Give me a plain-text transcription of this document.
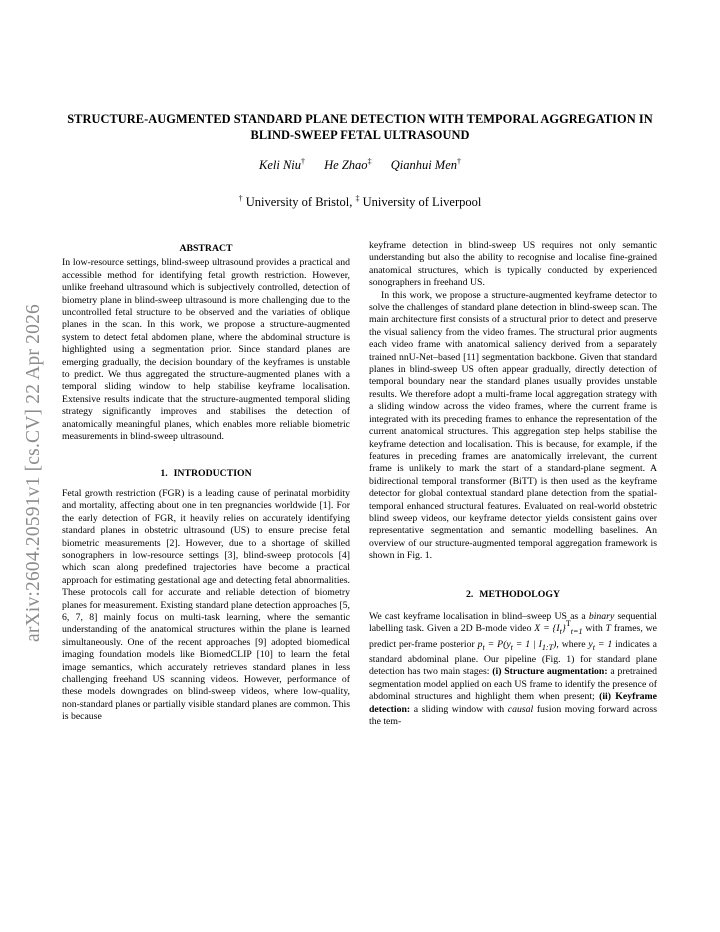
arXiv:2604.20591v1 [cs.CV] 22 Apr 2026
STRUCTURE-AUGMENTED STANDARD PLANE DETECTION WITH TEMPORAL AGGREGATION IN BLIND-SWEEP FETAL ULTRASOUND
Keli Niu† He Zhao‡ Qianhui Men†
† University of Bristol, ‡ University of Liverpool
ABSTRACT

In low-resource settings, blind-sweep ultrasound provides a practical and accessible method for identifying fetal growth restriction. However, unlike freehand ultrasound which is subjectively controlled, detection of biometry plane in blind-sweep ultrasound is more challenging due to the uncontrolled fetal structure to be observed and the variaties of oblique planes in the scan. In this work, we propose a structure-augmented system to detect fetal abdomen plane, where the abdominal structure is highlighted using a segmentation prior. Since standard planes are emerging gradually, the decision boundary of the keyframes is unstable to predict. We thus aggregated the structure-augmented planes with a temporal sliding window to help stabilise keyframe localisation. Extensive results indicate that the structure-augmented temporal sliding strategy significantly improves and stabilises the detection of anatomically meaningful planes, which enables more reliable biometric measurements in blind-sweep ultrasound.

1. INTRODUCTION

Fetal growth restriction (FGR) is a leading cause of perinatal morbidity and mortality, affecting about one in ten pregnancies worldwide [1]. For the early detection of FGR, it heavily relies on accurately identifying standard planes in obstetric ultrasound (US) to ensure precise fetal biometric measurements [2]. However, due to a shortage of skilled sonographers in low-resource settings [3], blind-sweep protocols [4] which scan along predefined trajectories have become a practical approach for estimating gestational age and detecting fetal abnormalities. These protocols call for accurate and reliable detection of biometry planes for measurement. Existing standard plane detection approaches [5, 6, 7, 8] mainly focus on multi-task learning, where the semantic understanding of the anatomical structures within the plane is learned simultaneously. One of the recent approaches [9] adopted biomedical imaging foundation models like BiomedCLIP [10] to learn the fetal image semantics, which accurately retrieves standard planes in less challenging freehand US scanning videos. However, performance of these models downgrades on blind-sweep videos, where low-quality, non-standard planes or partially visible standard planes are common. This is because

keyframe detection in blind-sweep US requires not only semantic understanding but also the ability to recognise and localise fine-grained anatomical structures, which is typically conducted by experienced sonographers in freehand US.

In this work, we propose a structure-augmented keyframe detector to solve the challenges of standard plane detection in blind-sweep scan. The main architecture first consists of a structural prior to detect and preserve the visual saliency from the video frames. The structural prior augments each video frame with anatomical saliency derived from a separately trained nnU-Net–based [11] segmentation backbone. Given that standard planes in blind-sweep US often appear gradually, directly detection of temporal boundary near the standard planes usually provides unstable results. We therefore adopt a multi-frame local aggregation strategy with a sliding window across the video frames, where the current frame is integrated with its preceding frames to enhance the representation of the current anatomical structures. This aggregation step helps stabilise the keyframe detection and localisation. This is because, for example, if the features in preceding frames are anatomically irrelevant, the current frame is unlikely to mark the start of a standard-plane segment. A bidirectional temporal transformer (BiTT) is then used as the keyframe detector for global contextual standard plane detection from the spatial-temporal enhanced structural features. Evaluated on real-world obstetric blind sweep videos, our keyframe detector yields consistent gains over representative segmentation and semantic modelling baselines. An overview of our structure-augmented temporal aggregation framework is shown in Fig. 1.

2. METHODOLOGY

We cast keyframe localisation in blind–sweep US as a binary sequential labelling task. Given a 2D B-mode video $X = \{I_t\}^T_{t=1}$ with T frames, we predict per-frame posterior $p_t = P(y_t = 1$ | $I_{1:T}$), where $y_t = 1$ indicates a standard abdominal plane. Our pipeline (Fig. 1) for standard plane detection has two main stages: (i) Structure augmentation: a pretrained segmentation model applied on each US frame to identify the presence of abdominal structures and highlight them when present; (ii) Keyframe detection: a sliding window with causal fusion moving forward across the tem-
